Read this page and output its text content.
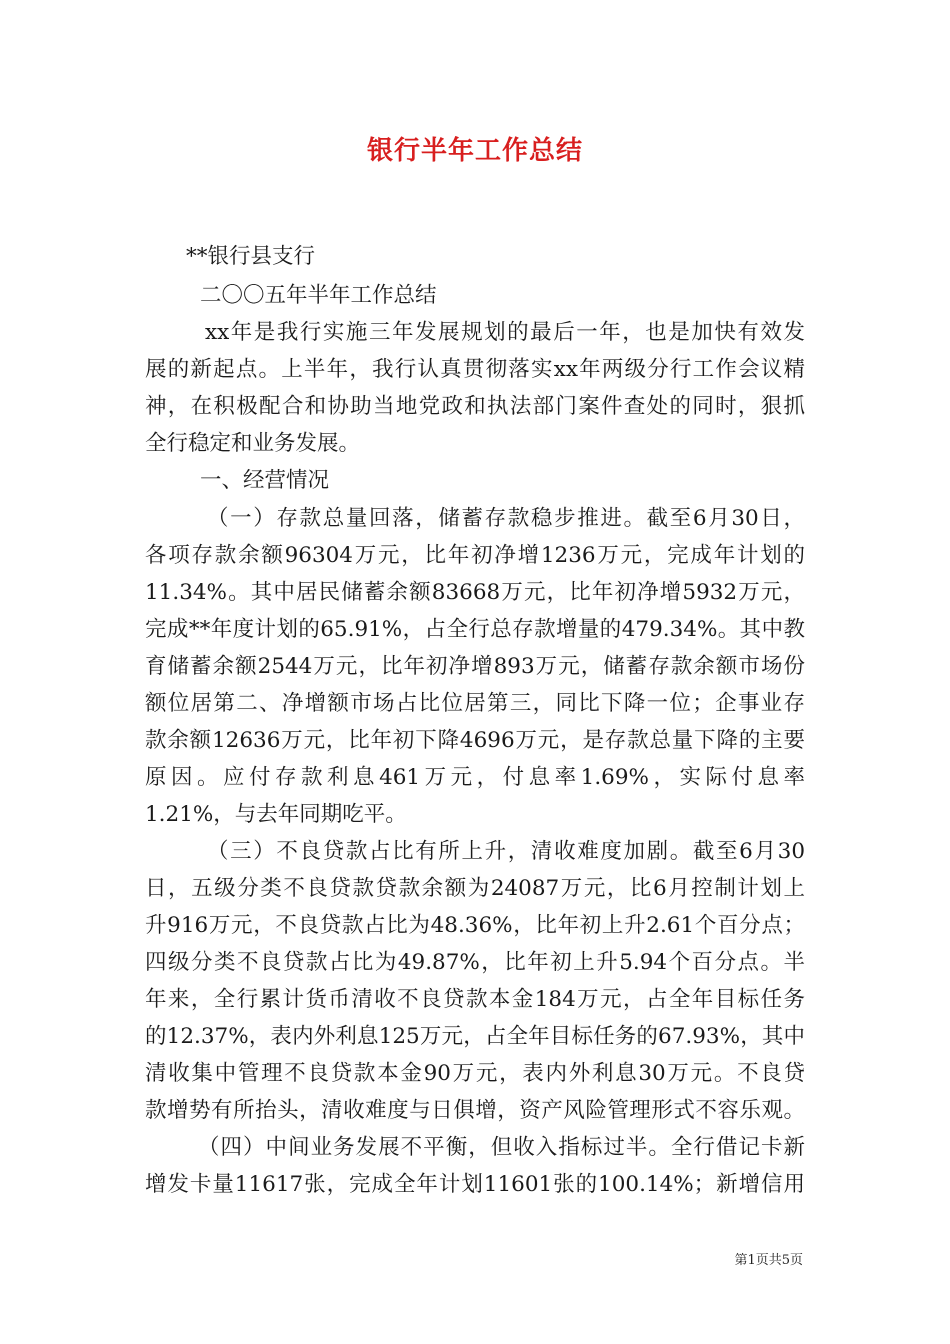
银行半年工作总结
**银行县支行
二〇〇五年半年工作总结
xx年是我行实施三年发展规划的最后一年，也是加快有效发
展的新起点。上半年，我行认真贯彻落实xx年两级分行工作会议精
神，在积极配合和协助当地党政和执法部门案件查处的同时，狠抓
全行稳定和业务发展。
一、经营情况
（一）存款总量回落，储蓄存款稳步推进。截至6月30日，
各项存款余额96304万元，比年初净增1236万元，完成年计划的
11.34%。其中居民储蓄余额83668万元，比年初净增5932万元，
完成**年度计划的65.91%，占全行总存款增量的479.34%。其中教
育储蓄余额2544万元，比年初净增893万元，储蓄存款余额市场份
额位居第二、净增额市场占比位居第三，同比下降一位；企事业存
款余额12636万元，比年初下降4696万元，是存款总量下降的主要
原因。应付存款利息461万元，付息率1.69%，实际付息率
1.21%，与去年同期吃平。
（三）不良贷款占比有所上升，清收难度加剧。截至6月30
日，五级分类不良贷款贷款余额为24087万元，比6月控制计划上
升916万元，不良贷款占比为48.36%，比年初上升2.61个百分点；
四级分类不良贷款占比为49.87%，比年初上升5.94个百分点。半
年来，全行累计货币清收不良贷款本金184万元，占全年目标任务
的12.37%，表内外利息125万元，占全年目标任务的67.93%，其中
清收集中管理不良贷款本金90万元，表内外利息30万元。不良贷
款增势有所抬头，清收难度与日俱增，资产风险管理形式不容乐观。
（四）中间业务发展不平衡，但收入指标过半。全行借记卡新
增发卡量11617张，完成全年计划11601张的100.14%；新增信用
第1页共5页
